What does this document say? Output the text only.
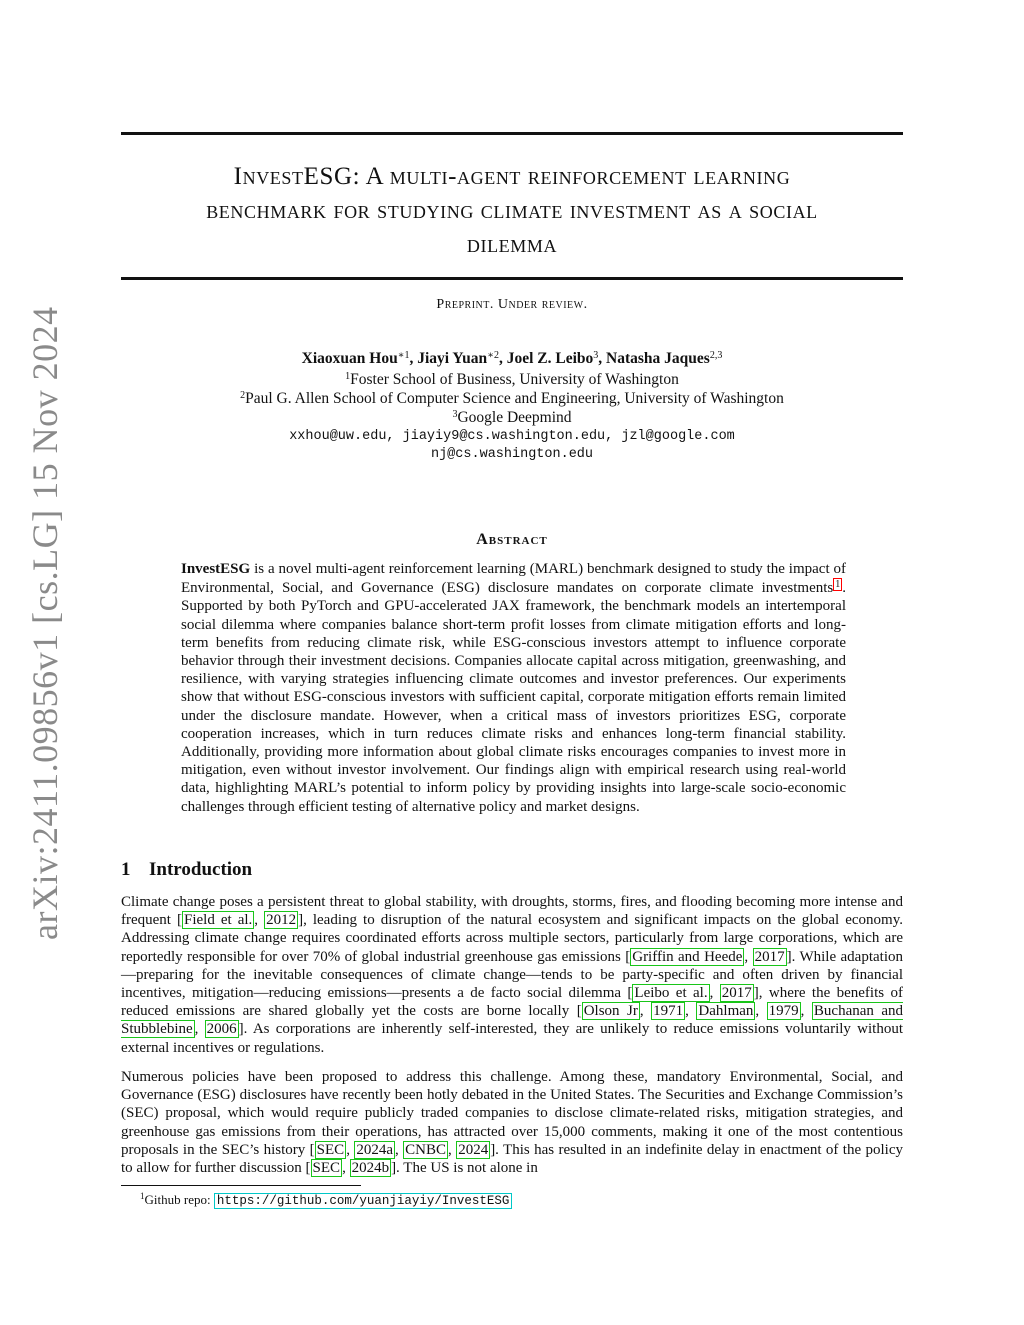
arXiv:2411.09856v1 [cs.LG] 15 Nov 2024
InvestESG: A multi-agent reinforcement learning
benchmark for studying climate investment as a social
dilemma
Preprint. Under review.
Xiaoxuan Hou$^{∗1}$, Jiayi Yuan$^{∗2}$, Joel Z. Leibo$^3$, Natasha Jaques$^{2,3}$
$^1$Foster School of Business, University of Washington
$^2$Paul G. Allen School of Computer Science and Engineering, University of Washington
$^3$Google Deepmind
xxhou@uw.edu, jiayiy9@cs.washington.edu, jzl@google.com
nj@cs.washington.edu
Abstract
InvestESG is a novel multi-agent reinforcement learning (MARL) benchmark designed to study the impact of Environmental, Social, and Governance (ESG) disclosure mandates on corporate climate investments 1 . Supported by both PyTorch and GPU-accelerated JAX framework, the benchmark models an intertemporal social dilemma where companies balance short-term profit losses from climate mitigation efforts and long-term benefits from reducing climate risk, while ESG-conscious investors attempt to influence corporate behavior through their investment decisions. Companies allocate capital across mitigation, greenwashing, and resilience, with varying strategies influencing climate outcomes and investor preferences. Our experiments show that without ESG-conscious investors with sufficient capital, corporate mitigation efforts remain limited under the disclosure mandate. However, when a critical mass of investors prioritizes ESG, corporate cooperation increases, which in turn reduces climate risks and enhances long-term financial stability. Additionally, providing more information about global climate risks encourages companies to invest more in mitigation, even without investor involvement. Our findings align with empirical research using real-world data, highlighting MARL’s potential to inform policy by providing insights into large-scale socio-economic challenges through efficient testing of alternative policy and market designs.
1 Introduction
Climate change poses a persistent threat to global stability, with droughts, storms, fires, and flooding becoming more intense and frequent [ Field et al. , 2012 ], leading to disruption of the natural ecosystem and significant impacts on the global economy. Addressing climate change requires coordinated efforts across multiple sectors, particularly from large corporations, which are reportedly responsible for over 70% of global industrial greenhouse gas emissions [ Griffin and Heede , 2017 ]. While adaptation—preparing for the inevitable consequences of climate change—tends to be party-specific and often driven by financial incentives, mitigation—reducing emissions—presents a de facto social dilemma [ Leibo et al. , 2017 ], where the benefits of reduced emissions are shared globally yet the costs are borne locally [ Olson Jr , 1971 , Dahlman , 1979 , Buchanan and Stubblebine , 2006 ]. As corporations are inherently self-interested, they are unlikely to reduce emissions voluntarily without external incentives or regulations.
Numerous policies have been proposed to address this challenge. Among these, mandatory Environmental, Social, and Governance (ESG) disclosures have recently been hotly debated in the United States. The Securities and Exchange Commission’s (SEC) proposal, which would require publicly traded companies to disclose climate-related risks, mitigation strategies, and greenhouse gas emissions from their operations, has attracted over 15,000 comments, making it one of the most contentious proposals in the SEC’s history [ SEC , 2024a , CNBC , 2024 ]. This has resulted in an indefinite delay in enactment of the policy to allow for further discussion [ SEC , 2024b ]. The US is not alone in
$^1$Github repo: https://github.com/yuanjiayiy/InvestESG
